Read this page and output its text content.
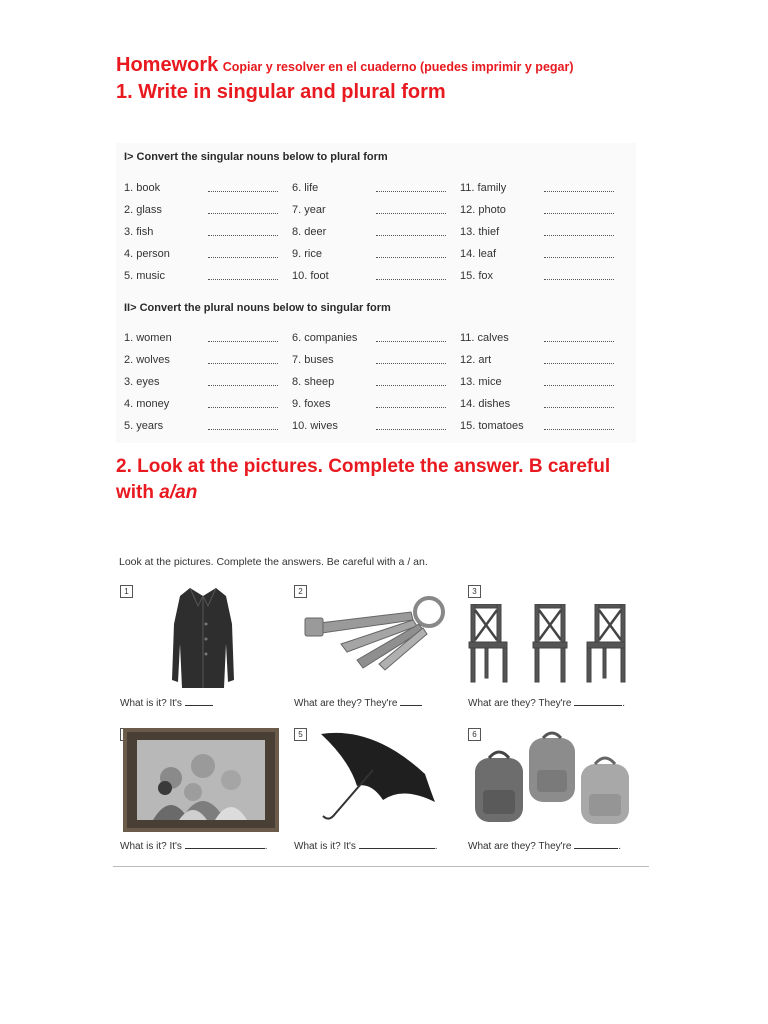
Homework Copiar y resolver en el cuaderno (puedes imprimir y pegar)
1. Write in singular and plural form
I> Convert the singular nouns below to plural form
1. book	6. life	11. family
2. glass	7. year	12. photo
3. fish	8. deer	13. thief
4. person	9. rice	14. leaf
5. music	10. foot	15. fox
II> Convert the plural nouns below to singular form
1. women	6. companies	11. calves
2. wolves	7. buses	12. art
3. eyes	8. sheep	13. mice
4. money	9. foxes	14. dishes
5. years	10. wives	15. tomatoes
2. Look at the pictures. Complete the answer. B careful with a/an
Look at the pictures. Complete the answers. Be careful with a / an.
1
What is it? It's
2
What are they? They're
3
What are they? They're	.
What is it? It's	.
5
What is it? It's	.
6
What are they? They're	.
